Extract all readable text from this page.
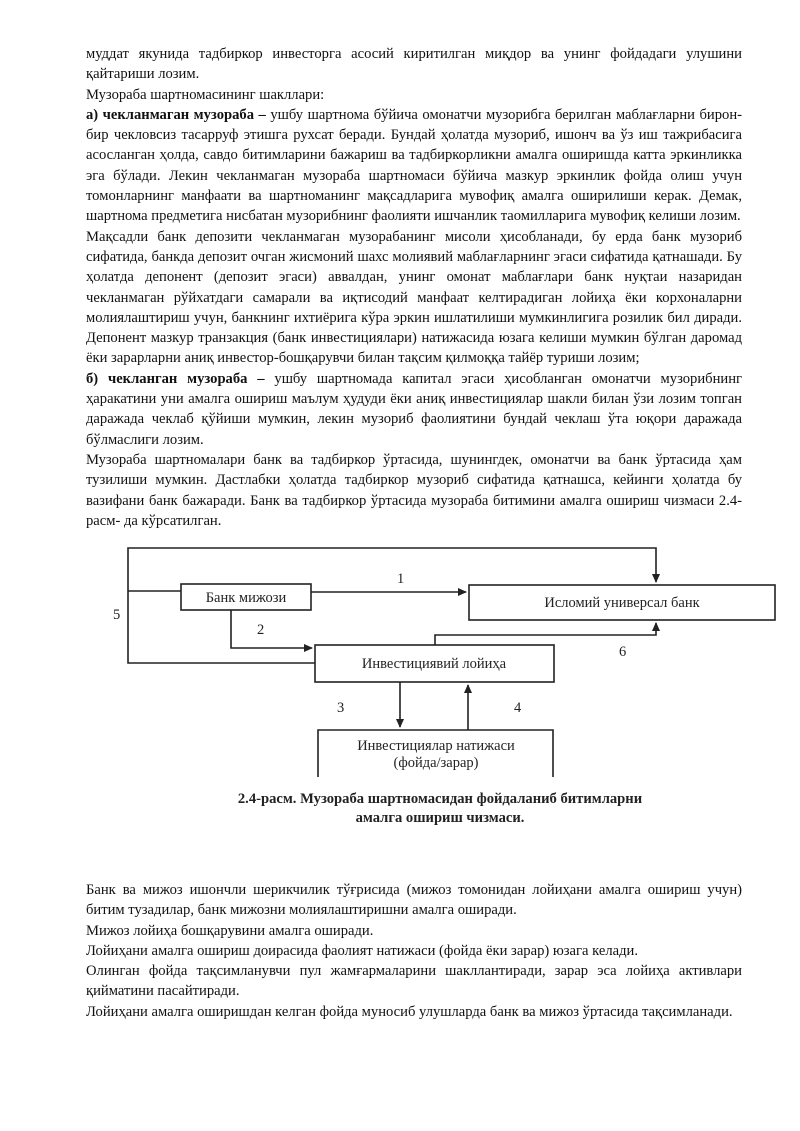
муддат якунида тадбиркор инвесторга асосий киритилган миқдор ва унинг фойдадаги улушини қайтариши лозим.

Музораба шартномасининг шакллари:

а) чекланмаган музораба – ушбу шартнома бўйича омонатчи музорибга берилган маблағларни бирон-бир чекловсиз тасарруф этишга рухсат беради. Бундай ҳолатда музориб, ишонч ва ўз иш тажрибасига асосланган ҳолда, савдо битимларини бажариш ва тадбиркорликни амалга оширишда катта эркинликка эга бўлади. Лекин чекланмаган музораба шартномаси бўйича мазкур эркинлик фойда олиш учун томонларнинг манфаати ва шартноманинг мақсадларига мувофиқ амалга оширилиши керак. Демак, шартнома предметига нисбатан музорибнинг фаолияти ишчанлик таомилларига мувофиқ келиши лозим.

Мақсадли банк депозити чекланмаган музорабанинг мисоли ҳисобланади, бу ерда банк музориб сифатида, банкда депозит очган жисмоний шахс молиявий маблағларнинг эгаси сифатида қатнашади. Бу ҳолатда депонент (депозит эгаси) аввалдан, унинг омонат маблағлари банк нуқтаи назаридан чекланмаган рўйхатдаги самарали ва иқтисодий манфаат келтирадиган лойиҳа ёки корхоналарни молиялаштириш учун, банкнинг ихтиёрига кўра эркин ишлатилиши мумкинлигига розилик бил диради. Депонент мазкур транзакция (банк инвестициялари) натижасида юзага келиши мумкин бўлган даромад ёки зарарларни аниқ инвестор-бошқарувчи билан тақсим қилмоққа тайёр туриши лозим;

б) чекланган музораба – ушбу шартномада капитал эгаси ҳисобланган омонатчи музорибнинг ҳаракатини уни амалга ошириш маълум ҳудуди ёки аниқ инвестициялар шакли билан ўзи лозим топган даражада чеклаб қўйиши мумкин, лекин музориб фаолиятини бундай чеклаш ўта юқори даражада бўлмаслиги лозим.

Музораба шартномалари банк ва тадбиркор ўртасида, шунингдек, омонатчи ва банк ўртасида ҳам тузилиши мумкин. Дастлабки ҳолатда тадбиркор музориб сифатида қатнашса, кейинги ҳолатда бу вазифани банк бажаради. Банк ва тадбиркор ўртасида музораба битимини амалга ошириш чизмаси 2.4-расм- да кўрсатилган.

Банк мижози	Исломий универсал банк
Инвестициявий лойиҳа
Инвестициялар натижаси
(фойда/зарар)
1
2
3	4
5
6
2.4-расм. Музораба шартномасидан фойдаланиб битимларни
амалга ошириш чизмаси.

Банк ва мижоз ишончли шерикчилик тўғрисида (мижоз томонидан лойиҳани амалга ошириш учун) битим тузадилар, банк мижозни молиялаштиришни амалга оширади.

Мижоз лойиҳа бошқарувини амалга оширади.

Лойиҳани амалга ошириш доирасида фаолият натижаси (фойда ёки зарар) юзага келади.

Олинган фойда тақсимланувчи пул жамғармаларини шакллантиради, зарар эса лойиҳа активлари қийматини пасайтиради.

Лойиҳани амалга оширишдан келган фойда муносиб улушларда банк ва мижоз ўртасида тақсимланади.
